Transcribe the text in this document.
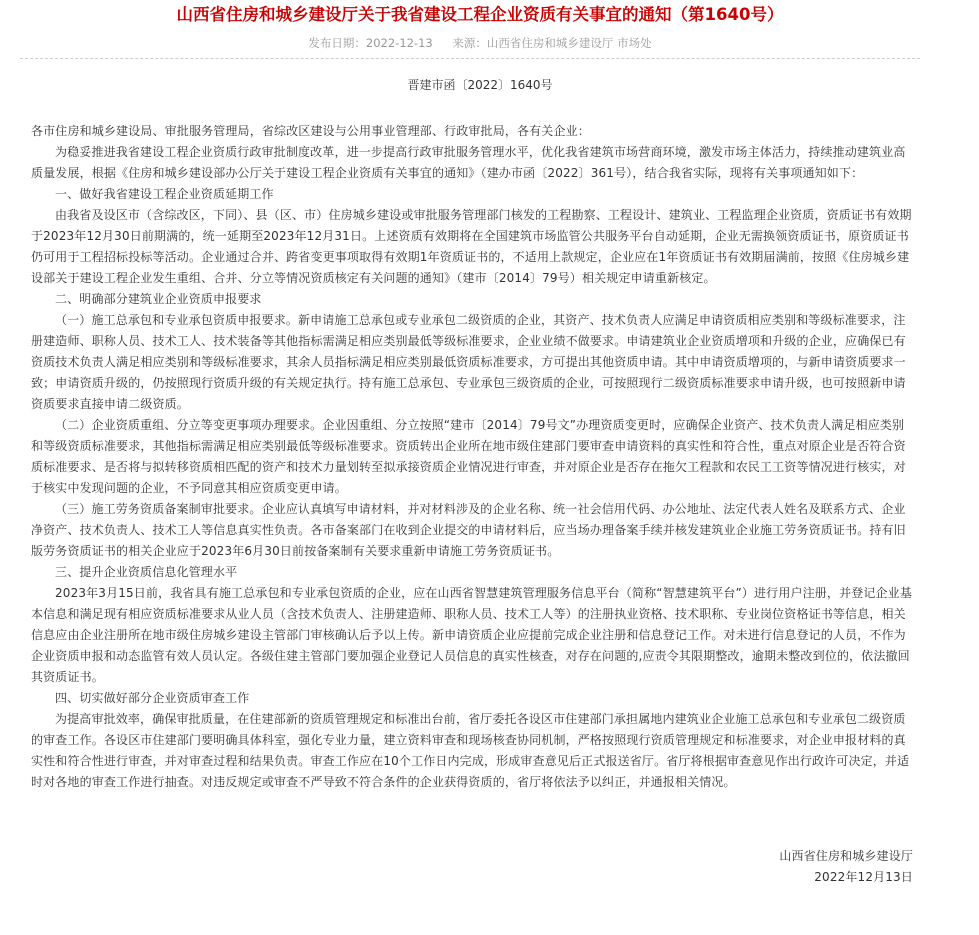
山西省住房和城乡建设厅关于我省建设工程企业资质有关事宜的通知（第1640号）
发布日期：2022-12-13 来源：山西省住房和城乡建设厅 市场处
晋建市函〔2022〕1640号

各市住房和城乡建设局、审批服务管理局，省综改区建设与公用事业管理部、行政审批局，各有关企业：

为稳妥推进我省建设工程企业资质行政审批制度改革，进一步提高行政审批服务管理水平，优化我省建筑市场营商环境，激发市场主体活力，持续推动建筑业高质量发展，根据《住房和城乡建设部办公厅关于建设工程企业资质有关事宜的通知》（建办市函〔2022〕361号），结合我省实际，现将有关事项通知如下：

一、做好我省建设工程企业资质延期工作

由我省及设区市（含综改区，下同）、县（区、市）住房城乡建设或审批服务管理部门核发的工程勘察、工程设计、建筑业、工程监理企业资质，资质证书有效期于2023年12月30日前期满的，统一延期至2023年12月31日。上述资质有效期将在全国建筑市场监管公共服务平台自动延期，企业无需换领资质证书，原资质证书仍可用于工程招标投标等活动。企业通过合并、跨省变更事项取得有效期1年资质证书的，不适用上款规定，企业应在1年资质证书有效期届满前，按照《住房城乡建设部关于建设工程企业发生重组、合并、分立等情况资质核定有关问题的通知》（建市〔2014〕79号）相关规定申请重新核定。

二、明确部分建筑业企业资质申报要求

（一）施工总承包和专业承包资质申报要求。新申请施工总承包或专业承包二级资质的企业，其资产、技术负责人应满足申请资质相应类别和等级标准要求，注册建造师、职称人员、技术工人、技术装备等其他指标需满足相应类别最低等级标准要求，企业业绩不做要求。申请建筑业企业资质增项和升级的企业，应确保已有资质技术负责人满足相应类别和等级标准要求，其余人员指标满足相应类别最低资质标准要求，方可提出其他资质申请。其中申请资质增项的，与新申请资质要求一致；申请资质升级的，仍按照现行资质升级的有关规定执行。持有施工总承包、专业承包三级资质的企业，可按照现行二级资质标准要求申请升级，也可按照新申请资质要求直接申请二级资质。

（二）企业资质重组、分立等变更事项办理要求。企业因重组、分立按照“建市〔2014〕79号文”办理资质变更时，应确保企业资产、技术负责人满足相应类别和等级资质标准要求，其他指标需满足相应类别最低等级标准要求。资质转出企业所在地市级住建部门要审查申请资料的真实性和符合性，重点对原企业是否符合资质标准要求、是否将与拟转移资质相匹配的资产和技术力量划转至拟承接资质企业情况进行审查，并对原企业是否存在拖欠工程款和农民工工资等情况进行核实，对于核实中发现问题的企业，不予同意其相应资质变更申请。

（三）施工劳务资质备案制审批要求。企业应认真填写申请材料，并对材料涉及的企业名称、统一社会信用代码、办公地址、法定代表人姓名及联系方式、企业净资产、技术负责人、技术工人等信息真实性负责。各市备案部门在收到企业提交的申请材料后，应当场办理备案手续并核发建筑业企业施工劳务资质证书。持有旧版劳务资质证书的相关企业应于2023年6月30日前按备案制有关要求重新申请施工劳务资质证书。

三、提升企业资质信息化管理水平

2023年3月15日前，我省具有施工总承包和专业承包资质的企业，应在山西省智慧建筑管理服务信息平台（简称“智慧建筑平台”）进行用户注册，并登记企业基本信息和满足现有相应资质标准要求从业人员（含技术负责人、注册建造师、职称人员、技术工人等）的注册执业资格、技术职称、专业岗位资格证书等信息，相关信息应由企业注册所在地市级住房城乡建设主管部门审核确认后予以上传。新申请资质企业应提前完成企业注册和信息登记工作。对未进行信息登记的人员，不作为企业资质申报和动态监管有效人员认定。各级住建主管部门要加强企业登记人员信息的真实性核查，对存在问题的,应责令其限期整改，逾期未整改到位的，依法撤回其资质证书。

四、切实做好部分企业资质审查工作

为提高审批效率，确保审批质量，在住建部新的资质管理规定和标准出台前，省厅委托各设区市住建部门承担属地内建筑业企业施工总承包和专业承包二级资质的审查工作。各设区市住建部门要明确具体科室，强化专业力量，建立资料审查和现场核查协同机制，严格按照现行资质管理规定和标准要求，对企业申报材料的真实性和符合性进行审查，并对审查过程和结果负责。审查工作应在10个工作日内完成，形成审查意见后正式报送省厅。省厅将根据审查意见作出行政许可决定，并适时对各地的审查工作进行抽查。对违反规定或审查不严导致不符合条件的企业获得资质的，省厅将依法予以纠正，并通报相关情况。

山西省住房和城乡建设厅

2022年12月13日
